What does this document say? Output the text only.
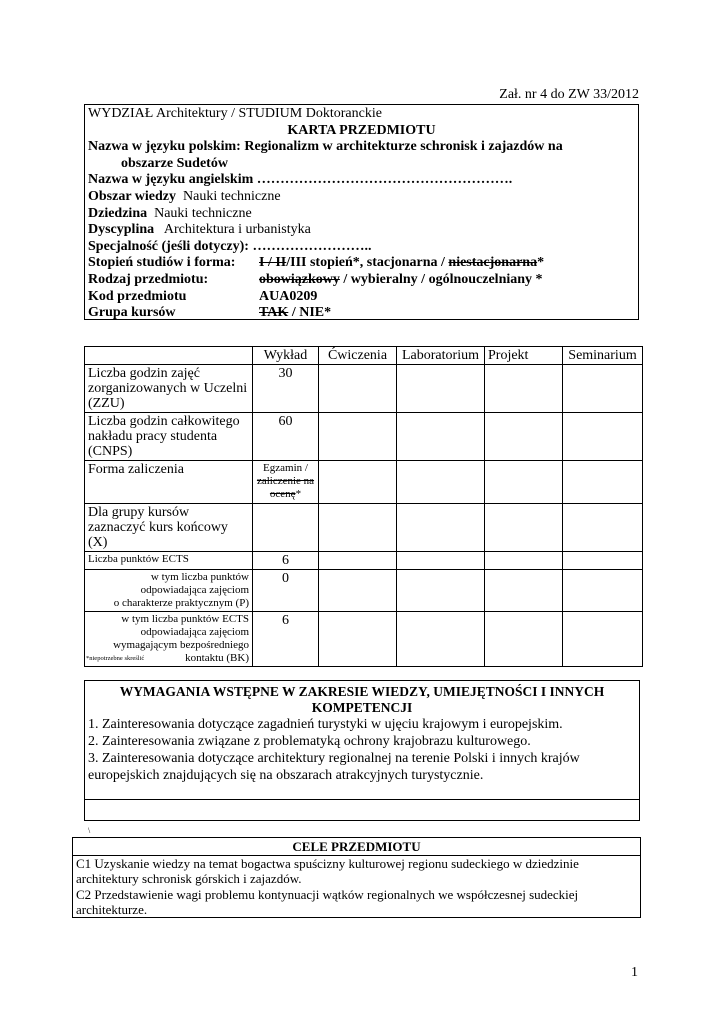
Zał. nr 4 do ZW 33/2012
WYDZIAŁ Architektury / STUDIUM Doktoranckie
KARTA PRZEDMIOTU
Nazwa w języku polskim: Regionalizm w architekturze schronisk i zajazdów na
obszarze Sudetów
Nazwa w języku angielskim ……………………………………………….
Obszar wiedzy Nauki techniczne
Dziedzina Nauki techniczne
Dyscyplina Architektura i urbanistyka
Specjalność (jeśli dotyczy): ……………………..
Stopień studiów i forma:	I / II/III stopień*, stacjonarna / niestacjonarna*
Rodzaj przedmiotu:	obowiązkowy / wybieralny / ogólnouczelniany *
Kod przedmiotu	AUA0209
Grupa kursów	TAK / NIE*
	Wykład	Ćwiczenia	Laboratorium	Projekt	Seminarium
Liczba godzin zajęć zorganizowanych w Uczelni (ZZU)	30				
Liczba godzin całkowitego nakładu pracy studenta (CNPS)	60				
Forma zaliczenia	Egzamin /
zaliczenie na ocenę*				
Dla grupy kursów zaznaczyć kurs końcowy (X)					
Liczba punktów ECTS	6				
w tym liczba punktów
odpowiadająca zajęciom
o charakterze praktycznym (P)	0				
w tym liczba punktów ECTS
odpowiadająca zajęciom
wymagającym bezpośredniego
kontaktu (BK)	6				
*niepotrzebne skreślić
WYMAGANIA WSTĘPNE W ZAKRESIE WIEDZY, UMIEJĘTNOŚCI I INNYCH
KOMPETENCJI
1. Zainteresowania dotyczące zagadnień turystyki w ujęciu krajowym i europejskim.
2. Zainteresowania związane z problematyką ochrony krajobrazu kulturowego.
3. Zainteresowania dotyczące architektury regionalnej na terenie Polski i innych krajów europejskich znajdujących się na obszarach atrakcyjnych turystycznie.
\
CELE PRZEDMIOTU
C1 Uzyskanie wiedzy na temat bogactwa spuścizny kulturowej regionu sudeckiego w dziedzinie architektury schronisk górskich i zajazdów.
C2 Przedstawienie wagi problemu kontynuacji wątków regionalnych we współczesnej sudeckiej architekturze.
1
